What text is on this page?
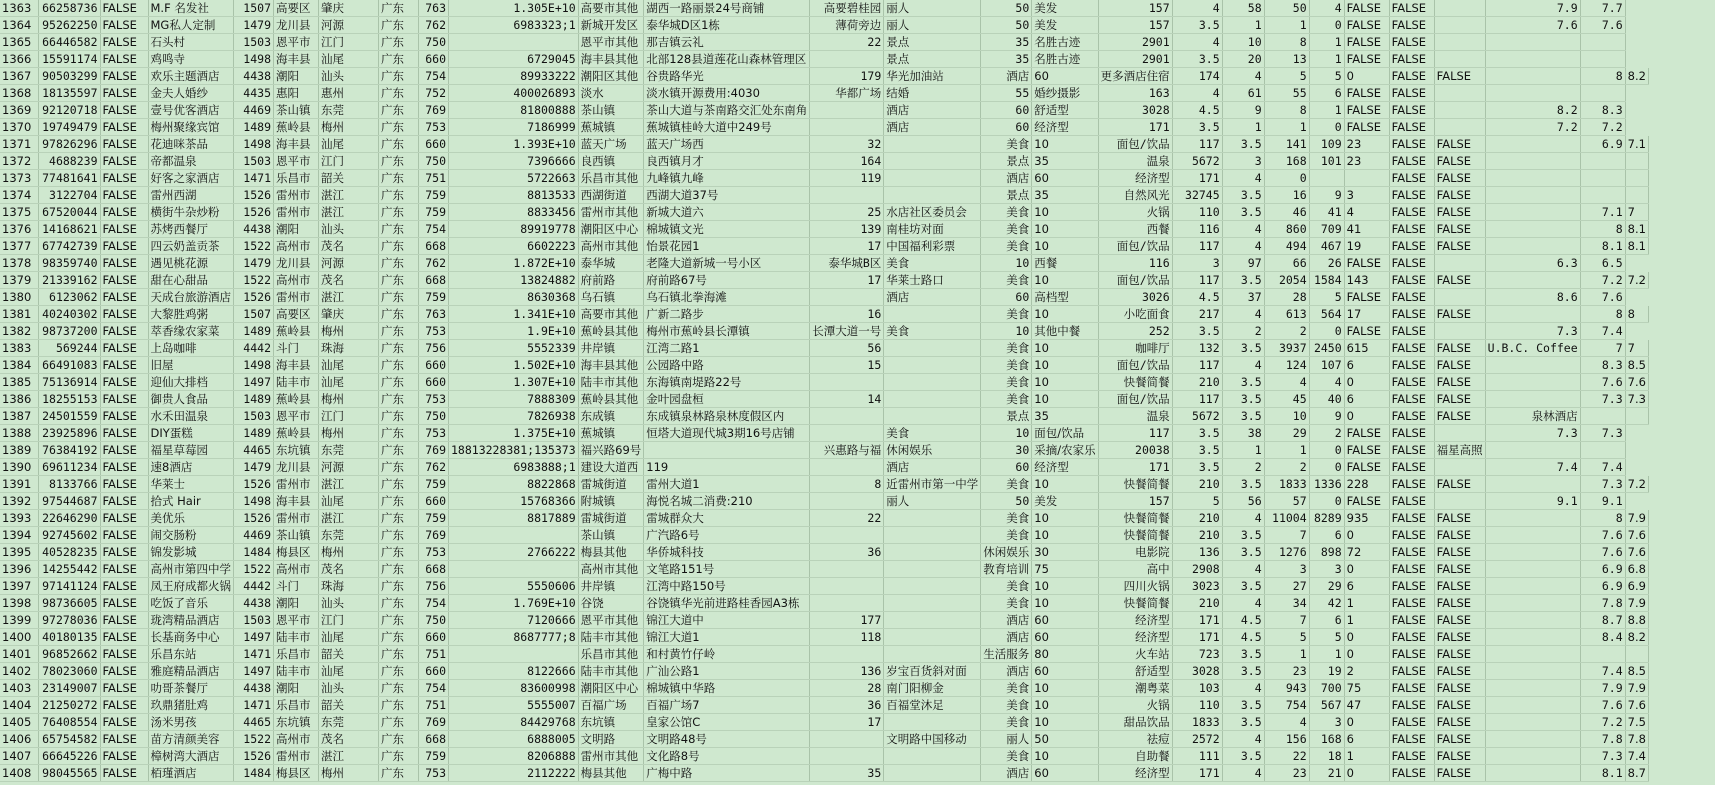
1363	66258736	FALSE	M.F 名发社	1507	高要区	肇庆	广东	763	1.305E+10	高要市其他	湖西一路丽景24号商铺	高要碧桂园	丽人	50	美发	157	4	58	50	4	FALSE	FALSE		7.9	7.7	
1364	95262250	FALSE	MG私人定制	1479	龙川县	河源	广东	762	6983323;1	新城开发区	泰华城D区1栋	薄荷旁边	丽人	50	美发	157	3.5	1	1	0	FALSE	FALSE		7.6	7.6	
1365	66446582	FALSE	石头村	1503	恩平市	江门	广东	750		恩平市其他	那吉镇云礼	22	景点	35	名胜古迹	2901	4	10	8	1	FALSE	FALSE				
1366	15591174	FALSE	鸡鸣寺	1498	海丰县	汕尾	广东	660	6729045	海丰县其他	北部128县道莲花山森林管理区		景点	35	名胜古迹	2901	3.5	20	13	1	FALSE	FALSE				
1367	90503299	FALSE	欢乐主题酒店	4438	潮阳	汕头	广东	754	89933222	潮阳区其他	谷贵路华光	179	华光加油站	酒店	60	更多酒店住宿	174	4	5	5	0	FALSE	FALSE		8	8.2
1368	18135597	FALSE	金夫人婚纱	4435	惠阳	惠州	广东	752	400026893	淡水	淡水镇开源费用:4030	华都广场	结婚	55	婚纱摄影	163	4	61	55	6	FALSE	FALSE				
1369	92120718	FALSE	壹号优客酒店	4469	茶山镇	东莞	广东	769	81800888	茶山镇	茶山大道与茶南路交汇处东南角		酒店	60	舒适型	3028	4.5	9	8	1	FALSE	FALSE		8.2	8.3	
1370	19749479	FALSE	梅州聚缘宾馆	1489	蕉岭县	梅州	广东	753	7186999	蕉城镇	蕉城镇桂岭大道中249号		酒店	60	经济型	171	3.5	1	1	0	FALSE	FALSE		7.2	7.2	
1371	97826296	FALSE	花迪咪茶品	1498	海丰县	汕尾	广东	660	1.393E+10	蓝天广场	蓝天广场西	32		美食	10	面包/饮品	117	3.5	141	109	23	FALSE	FALSE		6.9	7.1
1372	4688239	FALSE	帝都温泉	1503	恩平市	江门	广东	750	7396666	良西镇	良西镇月才	164		景点	35	温泉	5672	3	168	101	23	FALSE	FALSE			
1373	77481641	FALSE	好客之家酒店	1471	乐昌市	韶关	广东	751	5722663	乐昌市其他	九峰镇九峰	119		酒店	60	经济型	171	4	0			FALSE	FALSE			
1374	3122704	FALSE	雷州西湖	1526	雷州市	湛江	广东	759	8813533	西湖街道	西湖大道37号			景点	35	自然风光	32745	3.5	16	9	3	FALSE	FALSE			
1375	67520044	FALSE	横街牛杂炒粉	1526	雷州市	湛江	广东	759	8833456	雷州市其他	新城大道六	25	水店社区委员会	美食	10	火锅	110	3.5	46	41	4	FALSE	FALSE		7.1	7
1376	14168621	FALSE	苏烤西餐厅	4438	潮阳	汕头	广东	754	89919778	潮阳区中心	棉城镇文光	139	南桂坊对面	美食	10	西餐	116	4	860	709	41	FALSE	FALSE		8	8.1
1377	67742739	FALSE	四云奶盖贡茶	1522	高州市	茂名	广东	668	6602223	高州市其他	怡景花园1	17	中国福利彩票	美食	10	面包/饮品	117	4	494	467	19	FALSE	FALSE		8.1	8.1
1378	98359740	FALSE	遇见桃花源	1479	龙川县	河源	广东	762	1.872E+10	泰华城	老隆大道新城一号小区	泰华城B区	美食	10	西餐	116	3	97	66	26	FALSE	FALSE		6.3	6.5	
1379	21339162	FALSE	甜在心甜品	1522	高州市	茂名	广东	668	13824882	府前路	府前路67号	17	华莱士路口	美食	10	面包/饮品	117	3.5	2054	1584	143	FALSE	FALSE		7.2	7.2
1380	6123062	FALSE	天成台旅游酒店	1526	雷州市	湛江	广东	759	8630368	乌石镇	乌石镇北拳海滩		酒店	60	高档型	3026	4.5	37	28	5	FALSE	FALSE		8.6	7.6	
1381	40240302	FALSE	大黎胜鸡粥	1507	高要区	肇庆	广东	763	1.341E+10	高要市其他	广新二路步	16		美食	10	小吃面食	217	4	613	564	17	FALSE	FALSE		8	8
1382	98737200	FALSE	萃香缘农家菜	1489	蕉岭县	梅州	广东	753	1.9E+10	蕉岭县其他	梅州市蕉岭县长潭镇	长潭大道一号	美食	10	其他中餐	252	3.5	2	2	0	FALSE	FALSE		7.3	7.4	
1383	569244	FALSE	上岛咖啡	4442	斗门	珠海	广东	756	5552339	井岸镇	江湾二路1	56		美食	10	咖啡厅	132	3.5	3937	2450	615	FALSE	FALSE	U.B.C. Coffee	7	7
1384	66491083	FALSE	旧屋	1498	海丰县	汕尾	广东	660	1.502E+10	海丰县其他	公园路中路	15		美食	10	面包/饮品	117	4	124	107	6	FALSE	FALSE		8.3	8.5
1385	75136914	FALSE	迎仙大排档	1497	陆丰市	汕尾	广东	660	1.307E+10	陆丰市其他	东海镇南堤路22号			美食	10	快餐简餐	210	3.5	4	4	0	FALSE	FALSE		7.6	7.6
1386	18255153	FALSE	御贵人食品	1489	蕉岭县	梅州	广东	753	7888309	蕉岭县其他	金叶园盘桓	14		美食	10	面包/饮品	117	3.5	45	40	6	FALSE	FALSE		7.3	7.3
1387	24501559	FALSE	水禾田温泉	1503	恩平市	江门	广东	750	7826938	东成镇	东成镇泉林路泉林度假区内			景点	35	温泉	5672	3.5	10	9	0	FALSE	FALSE	泉林酒店		
1388	23925896	FALSE	DIY蛋糕	1489	蕉岭县	梅州	广东	753	1.375E+10	蕉城镇	恒塔大道现代城3期16号店铺		美食	10	面包/饮品	117	3.5	38	29	2	FALSE	FALSE		7.3	7.3	
1389	76384192	FALSE	福星草莓园	4465	东坑镇	东莞	广东	769	18813228381;135373	福兴路69号		兴惠路与福	休闲娱乐	30	采摘/农家乐	20038	3.5	1	1	0	FALSE	FALSE	福星高照			
1390	69611234	FALSE	速8酒店	1479	龙川县	河源	广东	762	6983888;1	建设大道西	119		酒店	60	经济型	171	3.5	2	2	0	FALSE	FALSE		7.4	7.4	
1391	8133766	FALSE	华莱士	1526	雷州市	湛江	广东	759	8822868	雷城街道	雷州大道1	8	近雷州市第一中学	美食	10	快餐简餐	210	3.5	1833	1336	228	FALSE	FALSE		7.3	7.2
1392	97544687	FALSE	拾式 Hair	1498	海丰县	汕尾	广东	660	15768366	附城镇	海悦名城二消费:210		丽人	50	美发	157	5	56	57	0	FALSE	FALSE		9.1	9.1	
1393	22646290	FALSE	美优乐	1526	雷州市	湛江	广东	759	8817889	雷城街道	雷城群众大	22		美食	10	快餐简餐	210	4	11004	8289	935	FALSE	FALSE		8	7.9
1394	92745602	FALSE	闹交肠粉	4469	茶山镇	东莞	广东	769		茶山镇	广汽路6号			美食	10	快餐简餐	210	3.5	7	6	0	FALSE	FALSE		7.6	7.6
1395	40528235	FALSE	锦发影城	1484	梅县区	梅州	广东	753	2766222	梅县其他	华侨城科技	36		休闲娱乐	30	电影院	136	3.5	1276	898	72	FALSE	FALSE		7.6	7.6
1396	14255442	FALSE	高州市第四中学	1522	高州市	茂名	广东	668		高州市其他	文笔路151号			教育培训	75	高中	2908	4	3	3	0	FALSE	FALSE		6.9	6.8
1397	97141124	FALSE	凤王府成都火锅	4442	斗门	珠海	广东	756	5550606	井岸镇	江湾中路150号			美食	10	四川火锅	3023	3.5	27	29	6	FALSE	FALSE		6.9	6.9
1398	98736605	FALSE	吃饭了音乐	4438	潮阳	汕头	广东	754	1.769E+10	谷饶	谷饶镇华光前进路桂香园A3栋			美食	10	快餐简餐	210	4	34	42	1	FALSE	FALSE		7.8	7.9
1399	97278036	FALSE	珑湾精品酒店	1503	恩平市	江门	广东	750	7120666	恩平市其他	锦江大道中	177		酒店	60	经济型	171	4.5	7	6	1	FALSE	FALSE		8.7	8.8
1400	40180135	FALSE	长基商务中心	1497	陆丰市	汕尾	广东	660	8687777;8	陆丰市其他	锦江大道1	118		酒店	60	经济型	171	4.5	5	5	0	FALSE	FALSE		8.4	8.2
1401	96852662	FALSE	乐昌东站	1471	乐昌市	韶关	广东	751		乐昌市其他	和村黄竹仔岭			生活服务	80	火车站	723	3.5	1	1	0	FALSE	FALSE			
1402	78023060	FALSE	雅庭精品酒店	1497	陆丰市	汕尾	广东	660	8122666	陆丰市其他	广汕公路1	136	岁宝百货斜对面	酒店	60	舒适型	3028	3.5	23	19	2	FALSE	FALSE		7.4	8.5
1403	23149007	FALSE	叻哥茶餐厅	4438	潮阳	汕头	广东	754	83600998	潮阳区中心	棉城镇中华路	28	南门阳柳金	美食	10	潮粤菜	103	4	943	700	75	FALSE	FALSE		7.9	7.9
1404	21250272	FALSE	玖鼎猪肚鸡	1471	乐昌市	韶关	广东	751	5555007	百福广场	百福广场7	36	百福堂沐足	美食	10	火锅	110	3.5	754	567	47	FALSE	FALSE		7.6	7.6
1405	76408554	FALSE	汤米男孩	4465	东坑镇	东莞	广东	769	84429768	东坑镇	皇家公馆C	17		美食	10	甜品饮品	1833	3.5	4	3	0	FALSE	FALSE		7.2	7.5
1406	65754582	FALSE	苗方清颜美容	1522	高州市	茂名	广东	668	6888005	文明路	文明路48号		文明路中国移动	丽人	50	祛痘	2572	4	156	168	6	FALSE	FALSE		7.8	7.8
1407	66645226	FALSE	樟树湾大酒店	1526	雷州市	湛江	广东	759	8206888	雷州市其他	文化路8号			美食	10	自助餐	111	3.5	22	18	1	FALSE	FALSE		7.3	7.4
1408	98045565	FALSE	栢瑾酒店	1484	梅县区	梅州	广东	753	2112222	梅县其他	广梅中路	35		酒店	60	经济型	171	4	23	21	0	FALSE	FALSE		8.1	8.7
